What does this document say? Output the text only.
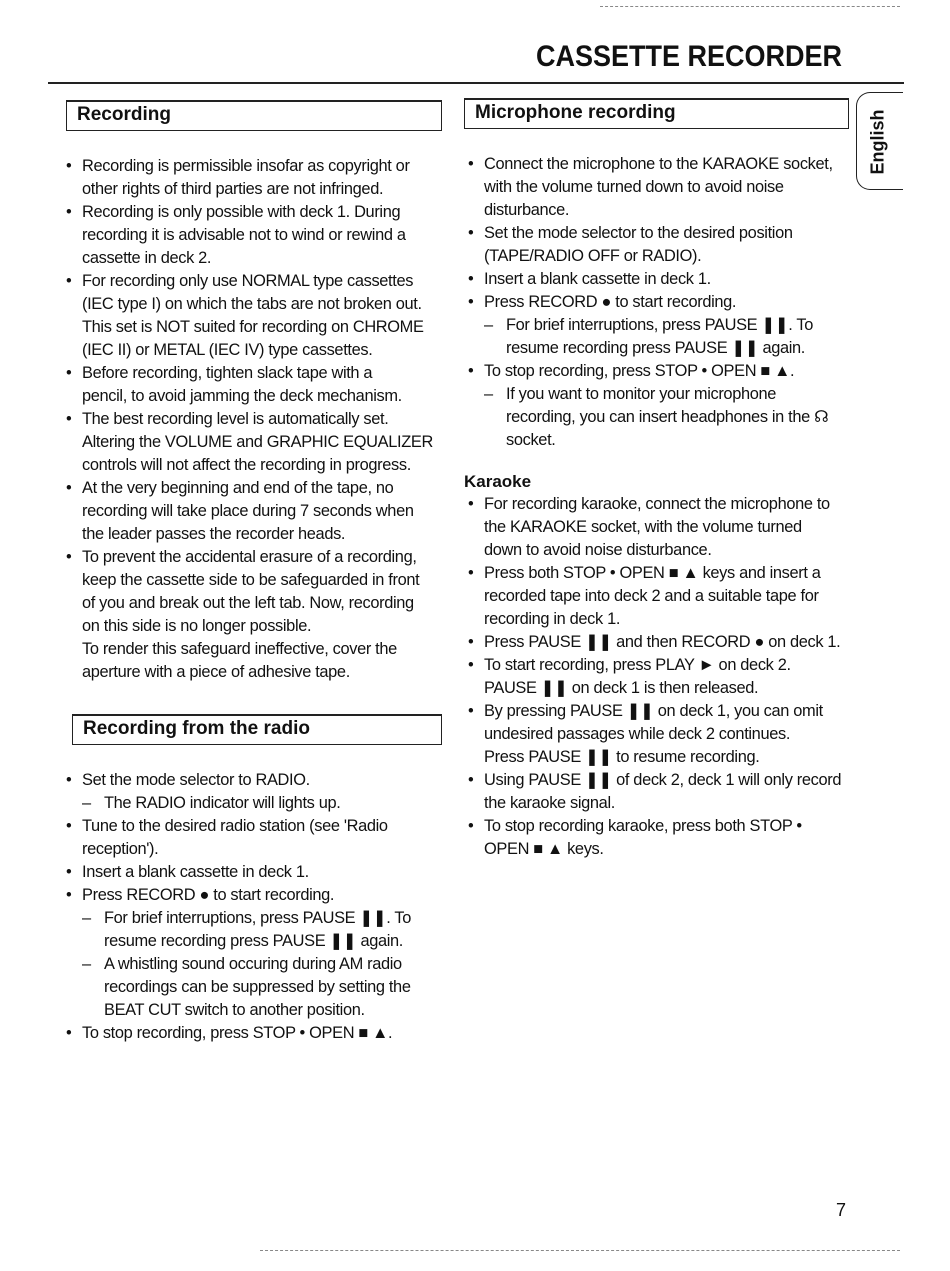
CASSETTE RECORDER
English
Recording
• Recording is permissible insofar as copyright or
other rights of third parties are not infringed.
• Recording is only possible with deck 1. During
recording it is advisable not to wind or rewind a
cassette in deck 2.
• For recording only use NORMAL type cassettes
(IEC type I) on which the tabs are not broken out.
This set is NOT suited for recording on CHROME
(IEC II) or METAL (IEC IV) type cassettes.
• Before recording, tighten slack tape with a
pencil, to avoid jamming the deck mechanism.
• The best recording level is automatically set.
Altering the VOLUME and GRAPHIC EQUALIZER
controls will not affect the recording in progress.
• At the very beginning and end of the tape, no
recording will take place during 7 seconds when
the leader passes the recorder heads.
• To prevent the accidental erasure of a recording,
keep the cassette side to be safeguarded in front
of you and break out the left tab. Now, recording
on this side is no longer possible.
To render this safeguard ineffective, cover the
aperture with a piece of adhesive tape.
Recording from the radio
• Set the mode selector to RADIO.
– The RADIO indicator will lights up.
• Tune to the desired radio station (see 'Radio
reception').
• Insert a blank cassette in deck 1.
• Press RECORD ● to start recording.
– For brief interruptions, press PAUSE ❚❚. To
resume recording press PAUSE ❚❚ again.
– A whistling sound occuring during AM radio
recordings can be suppressed by setting the
BEAT CUT switch to another position.
• To stop recording, press STOP • OPEN ■ ▲.
Microphone recording
• Connect the microphone to the KARAOKE socket,
with the volume turned down to avoid noise
disturbance.
• Set the mode selector to the desired position
(TAPE/RADIO OFF or RADIO).
• Insert a blank cassette in deck 1.
• Press RECORD ● to start recording.
– For brief interruptions, press PAUSE ❚❚. To
resume recording press PAUSE ❚❚ again.
• To stop recording, press STOP • OPEN ■ ▲.
– If you want to monitor your microphone
recording, you can insert headphones in the ☊
socket.
Karaoke
• For recording karaoke, connect the microphone to
the KARAOKE socket, with the volume turned
down to avoid noise disturbance.
• Press both STOP • OPEN ■ ▲ keys and insert a
recorded tape into deck 2 and a suitable tape for
recording in deck 1.
• Press PAUSE ❚❚ and then RECORD ● on deck 1.
• To start recording, press PLAY ► on deck 2.
PAUSE ❚❚ on deck 1 is then released.
• By pressing PAUSE ❚❚ on deck 1, you can omit
undesired passages while deck 2 continues.
Press PAUSE ❚❚ to resume recording.
• Using PAUSE ❚❚ of deck 2, deck 1 will only record
the karaoke signal.
• To stop recording karaoke, press both STOP •
OPEN ■ ▲ keys.
7
